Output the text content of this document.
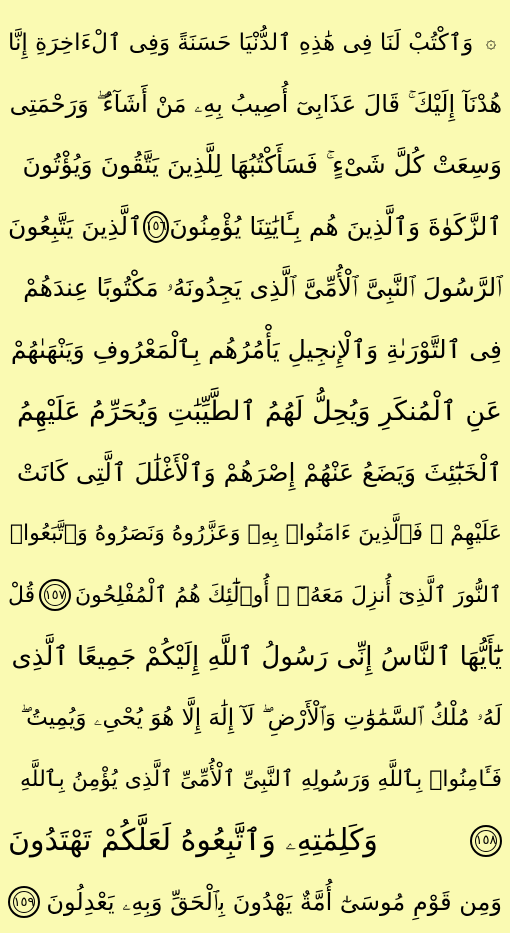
۞
وَٱكْتُبْ لَنَا فِى هَٰذِهِ ٱلدُّنْيَا حَسَنَةً وَفِى ٱلْءَاخِرَةِ إِنَّا
هُدْنَآ إِلَيْكَ ۚ قَالَ عَذَابِىٓ أُصِيبُ بِهِۦ مَنْ أَشَآءُ ۖ وَرَحْمَتِى
وَسِعَتْ كُلَّ شَىْءٍ ۚ فَسَأَكْتُبُهَا لِلَّذِينَ يَتَّقُونَ وَيُؤْتُونَ
ٱلزَّكَوٰةَ وَٱلَّذِينَ هُم بِـَٔايَٰتِنَا يُؤْمِنُونَ
١٥٦
ٱلَّذِينَ يَتَّبِعُونَ
ٱلرَّسُولَ ٱلنَّبِىَّ ٱلْأُمِّىَّ ٱلَّذِى يَجِدُونَهُۥ مَكْتُوبًا عِندَهُمْ
فِى ٱلتَّوْرَىٰةِ وَٱلْإِنجِيلِ يَأْمُرُهُم بِٱلْمَعْرُوفِ وَيَنْهَىٰهُمْ
عَنِ ٱلْمُنكَرِ وَيُحِلُّ لَهُمُ ٱلطَّيِّبَٰتِ وَيُحَرِّمُ عَلَيْهِمُ
ٱلْخَبَٰٓئِثَ وَيَضَعُ عَنْهُمْ إِصْرَهُمْ وَٱلْأَغْلَٰلَ ٱلَّتِى كَانَتْ
عَلَيْهِمْ ۚ فَٱلَّذِينَ ءَامَنُوا۟ بِهِۦ وَعَزَّرُوهُ وَنَصَرُوهُ وَٱتَّبَعُوا۟
ٱلنُّورَ ٱلَّذِىٓ أُنزِلَ مَعَهُۥٓ ۙ أُو۟لَٰٓئِكَ هُمُ ٱلْمُفْلِحُونَ
١٥٧
قُلْ
يَٰٓأَيُّهَا ٱلنَّاسُ إِنِّى رَسُولُ ٱللَّهِ إِلَيْكُمْ جَمِيعًا ٱلَّذِى
لَهُۥ مُلْكُ ٱلسَّمَٰوَٰتِ وَٱلْأَرْضِ ۖ لَآ إِلَٰهَ إِلَّا هُوَ يُحْىِۦ وَيُمِيتُ ۖ
فَـَٔامِنُوا۟ بِٱللَّهِ وَرَسُولِهِ ٱلنَّبِىِّ ٱلْأُمِّىِّ ٱلَّذِى يُؤْمِنُ بِٱللَّهِ
١٥٨
وَكَلِمَٰتِهِۦ وَٱتَّبِعُوهُ لَعَلَّكُمْ تَهْتَدُونَ
وَمِن قَوْمِ مُوسَىٰٓ أُمَّةٌ يَهْدُونَ بِٱلْحَقِّ وَبِهِۦ يَعْدِلُونَ
١٥٩
